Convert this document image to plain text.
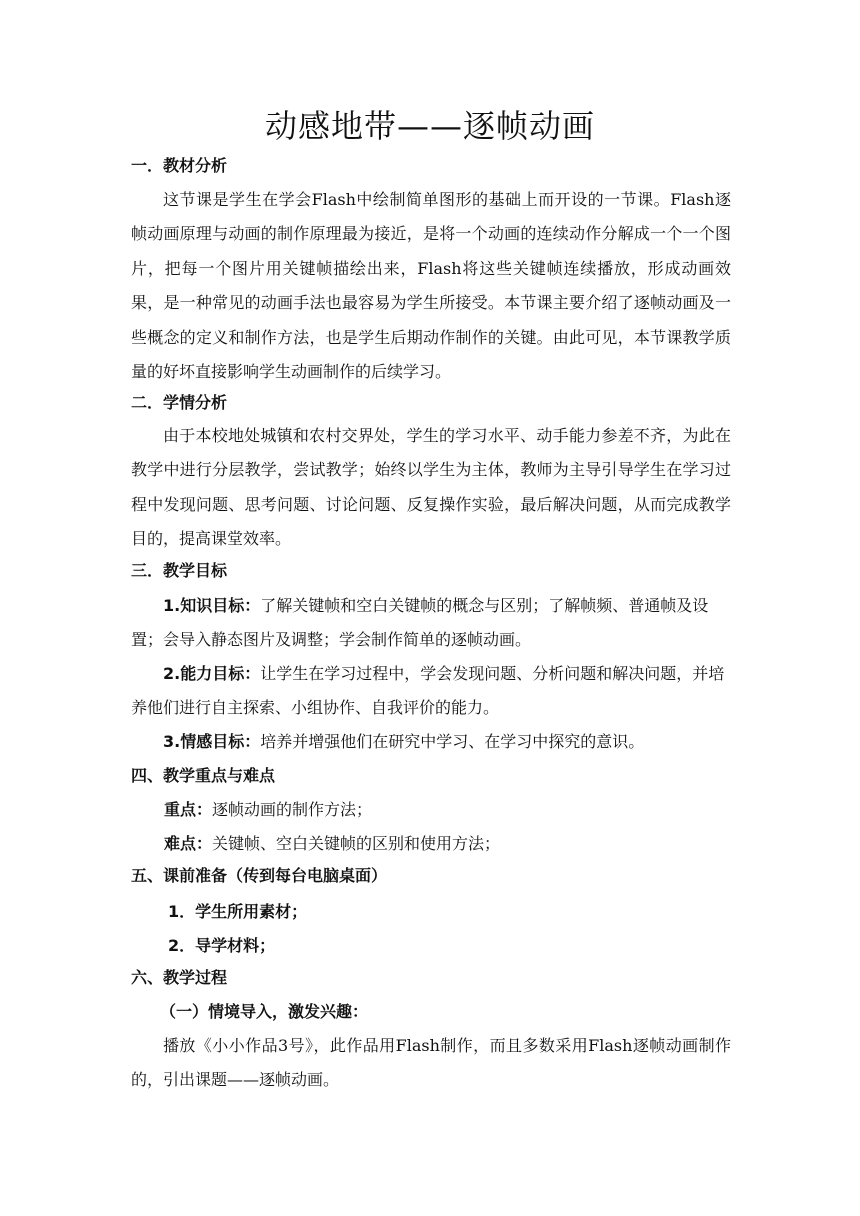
动感地带——逐帧动画
一．教材分析

这节课是学生在学会Flash中绘制简单图形的基础上而开设的一节课。Flash逐帧动画原理与动画的制作原理最为接近，是将一个动画的连续动作分解成一个一个图片，把每一个图片用关键帧描绘出来，Flash将这些关键帧连续播放，形成动画效果，是一种常见的动画手法也最容易为学生所接受。本节课主要介绍了逐帧动画及一些概念的定义和制作方法，也是学生后期动作制作的关键。由此可见，本节课教学质量的好坏直接影响学生动画制作的后续学习。

二．学情分析

由于本校地处城镇和农村交界处，学生的学习水平、动手能力参差不齐，为此在教学中进行分层教学，尝试教学；始终以学生为主体，教师为主导引导学生在学习过程中发现问题、思考问题、讨论问题、反复操作实验，最后解决问题，从而完成教学目的，提高课堂效率。

三．教学目标

1.知识目标：了解关键帧和空白关键帧的概念与区别；了解帧频、普通帧及设置；会导入静态图片及调整；学会制作简单的逐帧动画。

2.能力目标：让学生在学习过程中，学会发现问题、分析问题和解决问题，并培养他们进行自主探索、小组协作、自我评价的能力。

3.情感目标：培养并增强他们在研究中学习、在学习中探究的意识。

四、教学重点与难点

重点：逐帧动画的制作方法；

难点：关键帧、空白关键帧的区别和使用方法；

五、课前准备（传到每台电脑桌面）

1．学生所用素材；

2．导学材料；

六、教学过程

（一）情境导入，激发兴趣：

播放《小小作品3号》，此作品用Flash制作，而且多数采用Flash逐帧动画制作的，引出课题——逐帧动画。
